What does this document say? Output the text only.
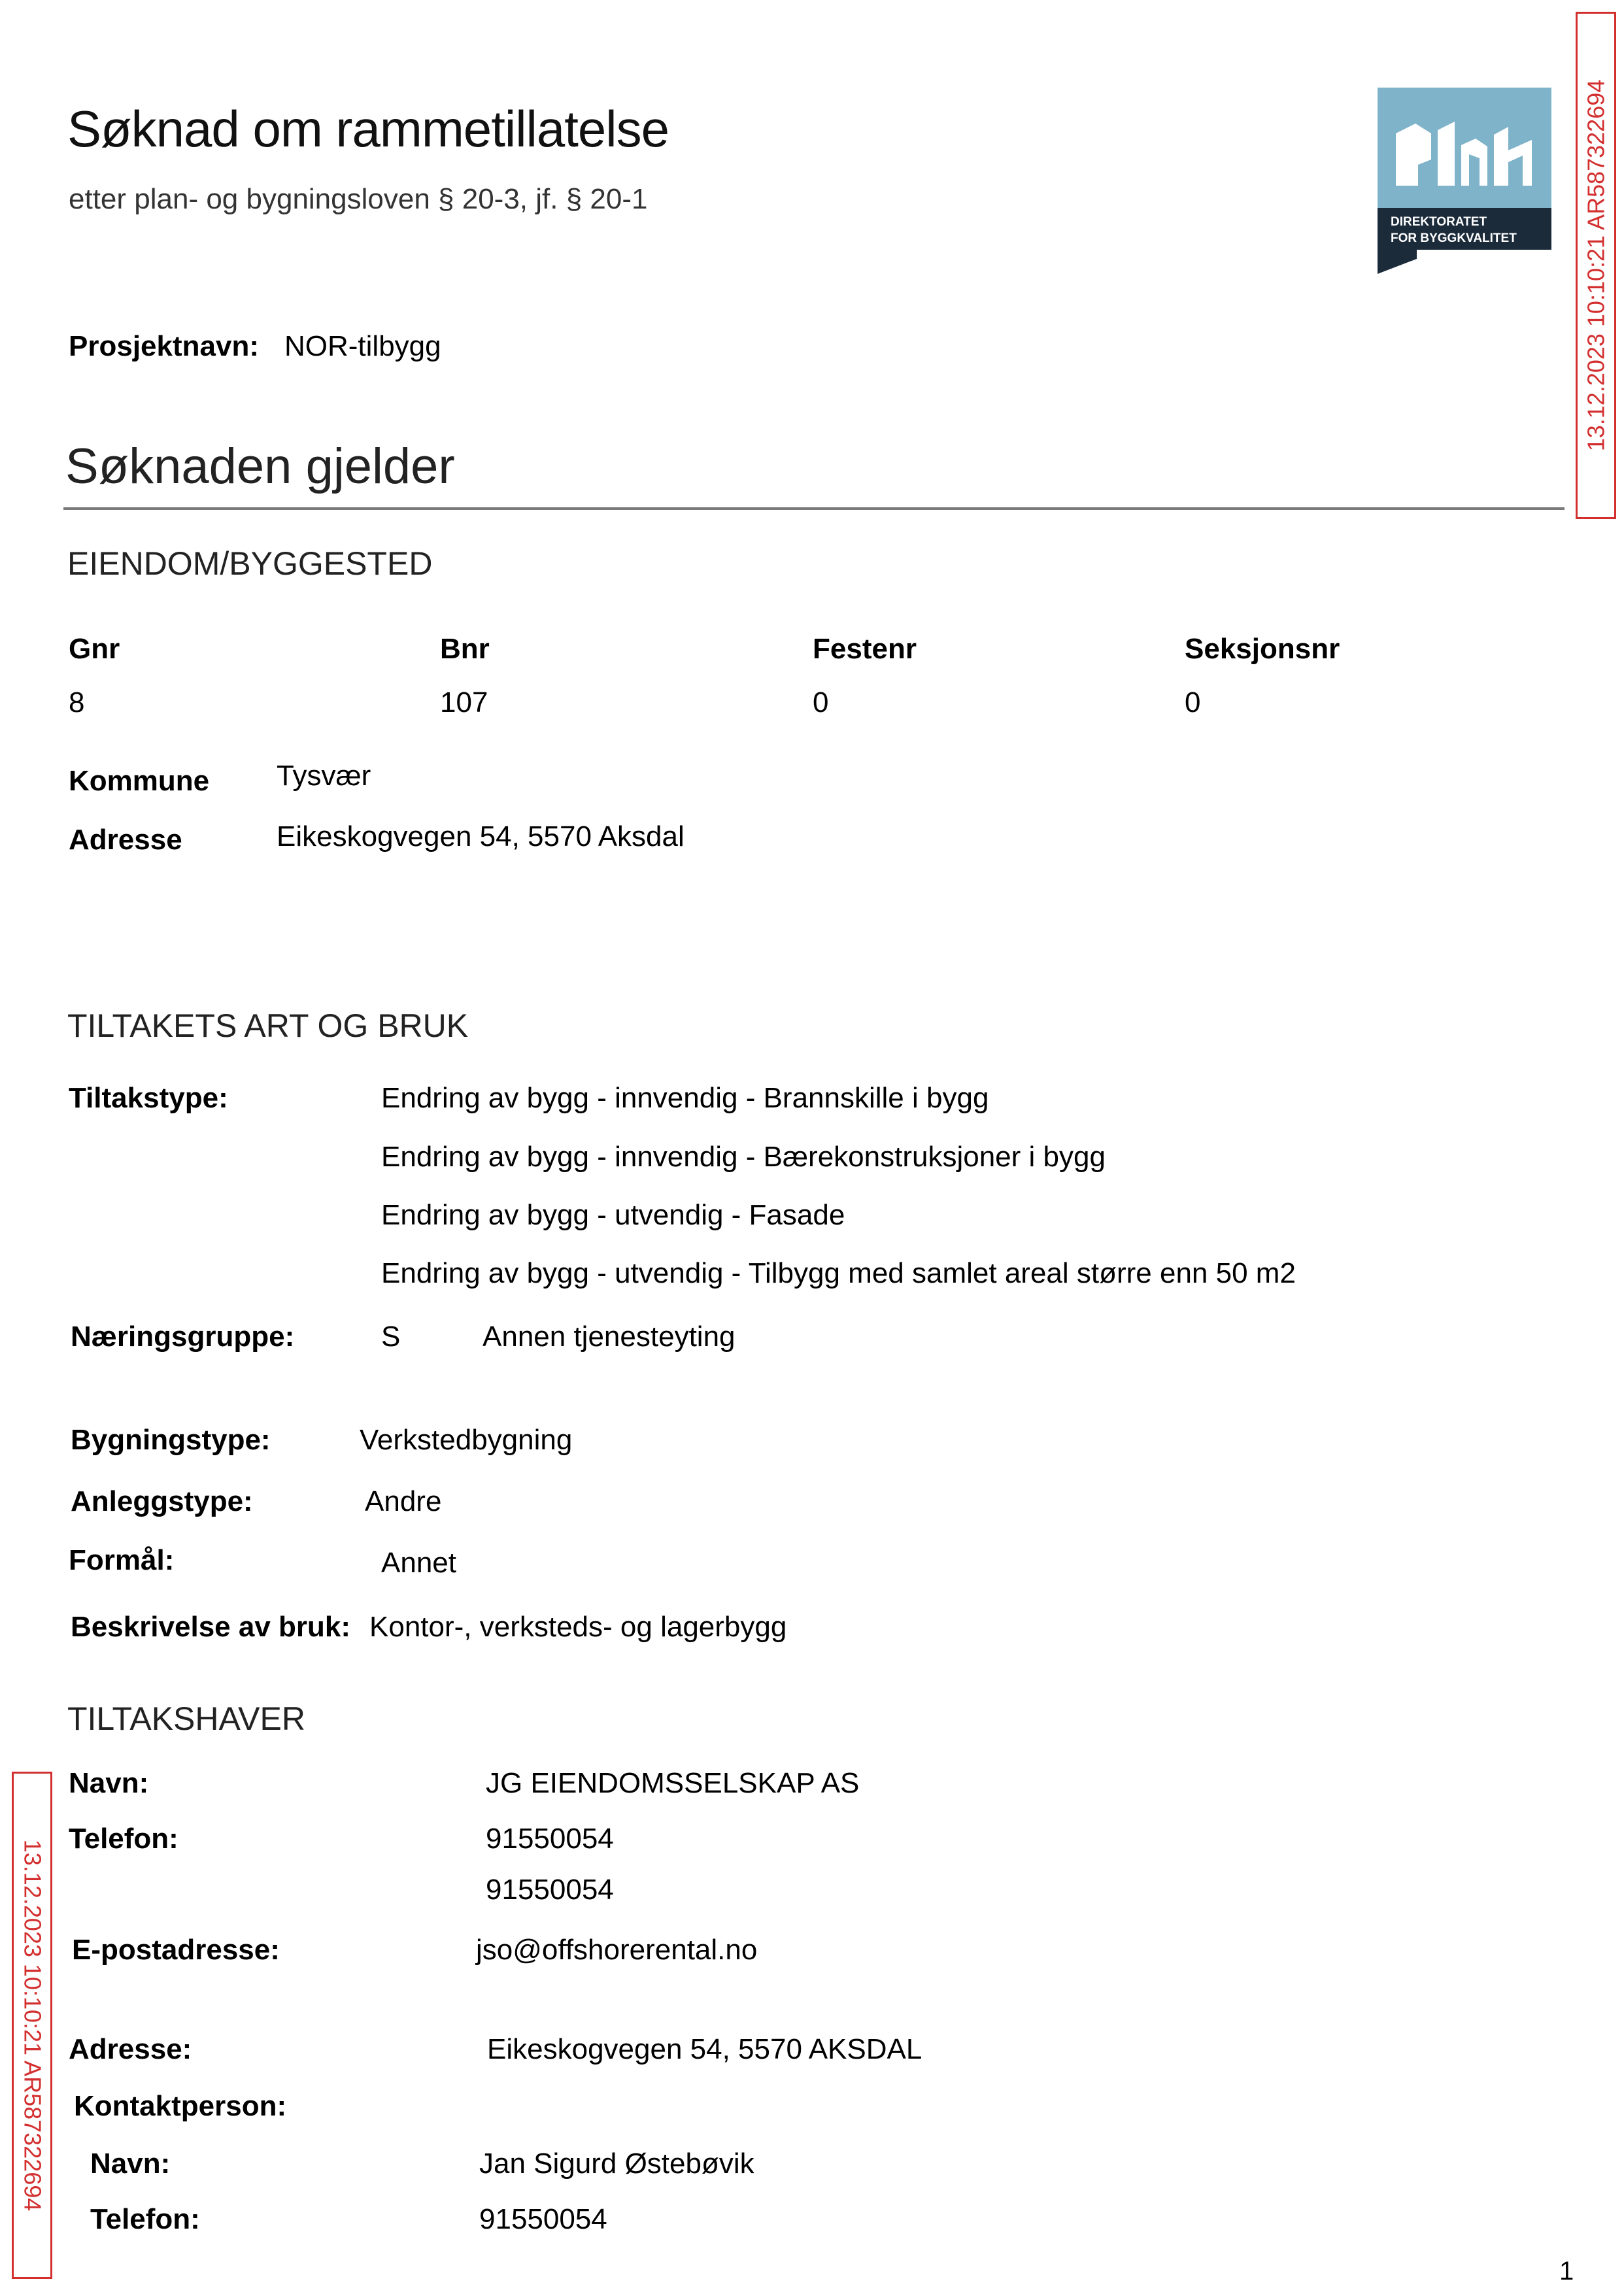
Søknad om rammetillatelse
etter plan- og bygningsloven § 20-3, jf. § 20-1
DIREKTORATET
FOR BYGGKVALITET	13.12.2023 10:10:21 AR587322694
13.12.2023 10:10:21 AR587322694
Prosjektnavn: NOR-tilbygg
Søknaden gjelder
EIENDOM/BYGGESTED
Gnr	Bnr	Festenr	Seksjonsnr
8	107	0	0
Kommune Tysvær
Adresse	Eikeskogvegen 54, 5570 Aksdal
TILTAKETS ART OG BRUK
Tiltakstype:	Endring av bygg - innvendig - Brannskille i bygg
Endring av bygg - innvendig - Bærekonstruksjoner i bygg
Endring av bygg - utvendig - Fasade
Endring av bygg - utvendig - Tilbygg med samlet areal større enn 50 m2
Næringsgruppe:	S	Annen tjenesteyting
Bygningstype:	Verkstedbygning
Anleggstype:	Andre
Formål:	Annet
Beskrivelse av bruk: Kontor-, verksteds- og lagerbygg
TILTAKSHAVER
Navn:	JG EIENDOMSSELSKAP AS
Telefon:	91550054
91550054
E-postadresse:	jso@offshorerental.no
Adresse:	Eikeskogvegen 54, 5570 AKSDAL
Kontaktperson:
Navn:	Jan Sigurd Østebøvik
Telefon:	91550054
1
